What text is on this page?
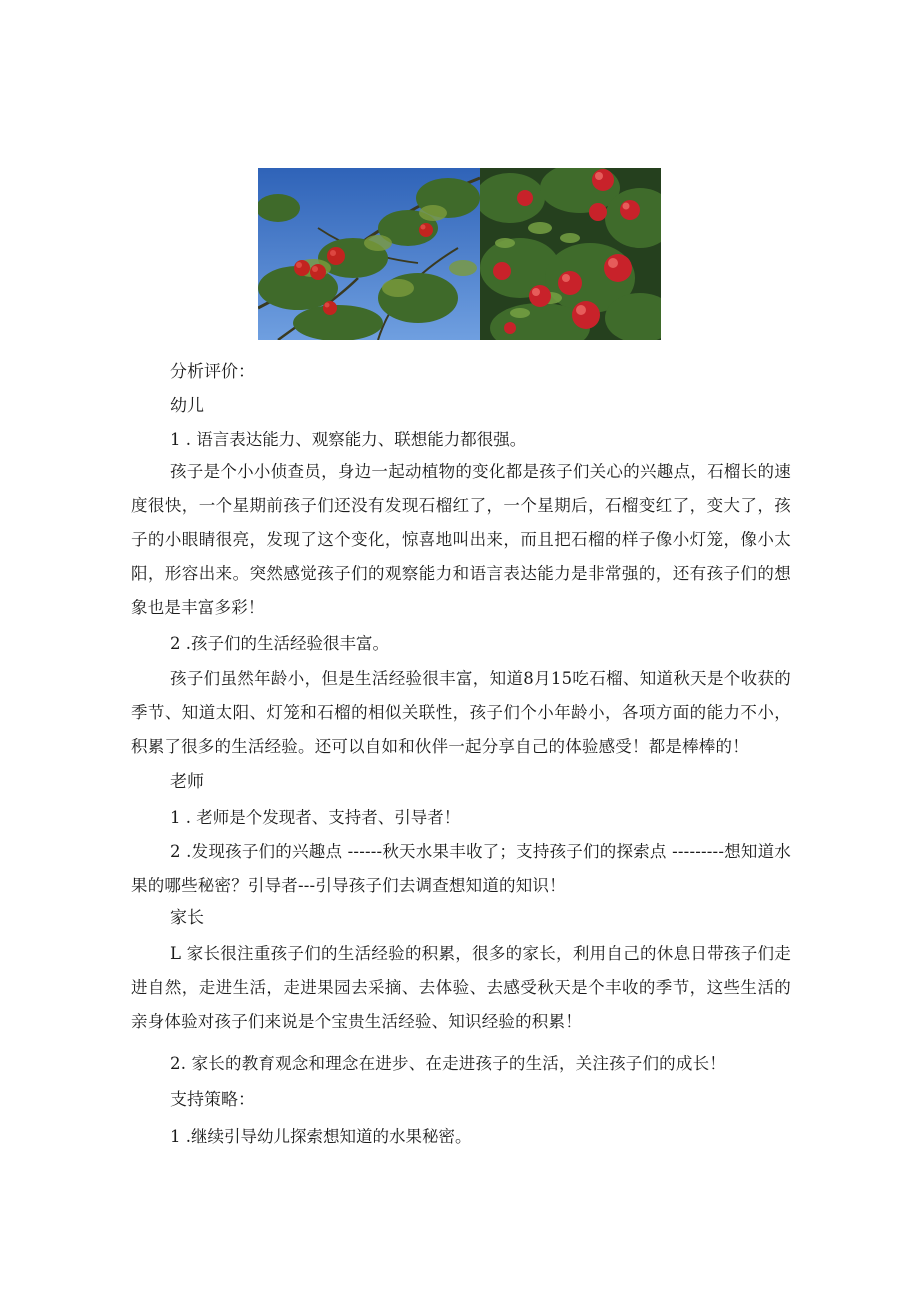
分析评价：
幼儿
1 . 语言表达能力、观察能力、联想能力都很强。
孩子是个小小侦查员，身边一起动植物的变化都是孩子们关心的兴趣点，石榴长的速度很快，一个星期前孩子们还没有发现石榴红了，一个星期后，石榴变红了，变大了，孩子的小眼睛很亮，发现了这个变化，惊喜地叫出来，而且把石榴的样子像小灯笼，像小太阳，形容出来。突然感觉孩子们的观察能力和语言表达能力是非常强的，还有孩子们的想象也是丰富多彩！
2 .孩子们的生活经验很丰富。
孩子们虽然年龄小，但是生活经验很丰富，知道8月15吃石榴、知道秋天是个收获的季节、知道太阳、灯笼和石榴的相似关联性，孩子们个小年龄小，各项方面的能力不小，积累了很多的生活经验。还可以自如和伙伴一起分享自己的体验感受！都是棒棒的！
老师
1 . 老师是个发现者、支持者、引导者！
2 .发现孩子们的兴趣点 ------秋天水果丰收了；支持孩子们的探索点 ---------想知道水果的哪些秘密？引导者---引导孩子们去调查想知道的知识！
家长
L 家长很注重孩子们的生活经验的积累，很多的家长，利用自己的休息日带孩子们走进自然，走进生活，走进果园去采摘、去体验、去感受秋天是个丰收的季节，这些生活的亲身体验对孩子们来说是个宝贵生活经验、知识经验的积累！
2. 家长的教育观念和理念在进步、在走进孩子的生活，关注孩子们的成长！
支持策略：
1 .继续引导幼儿探索想知道的水果秘密。
